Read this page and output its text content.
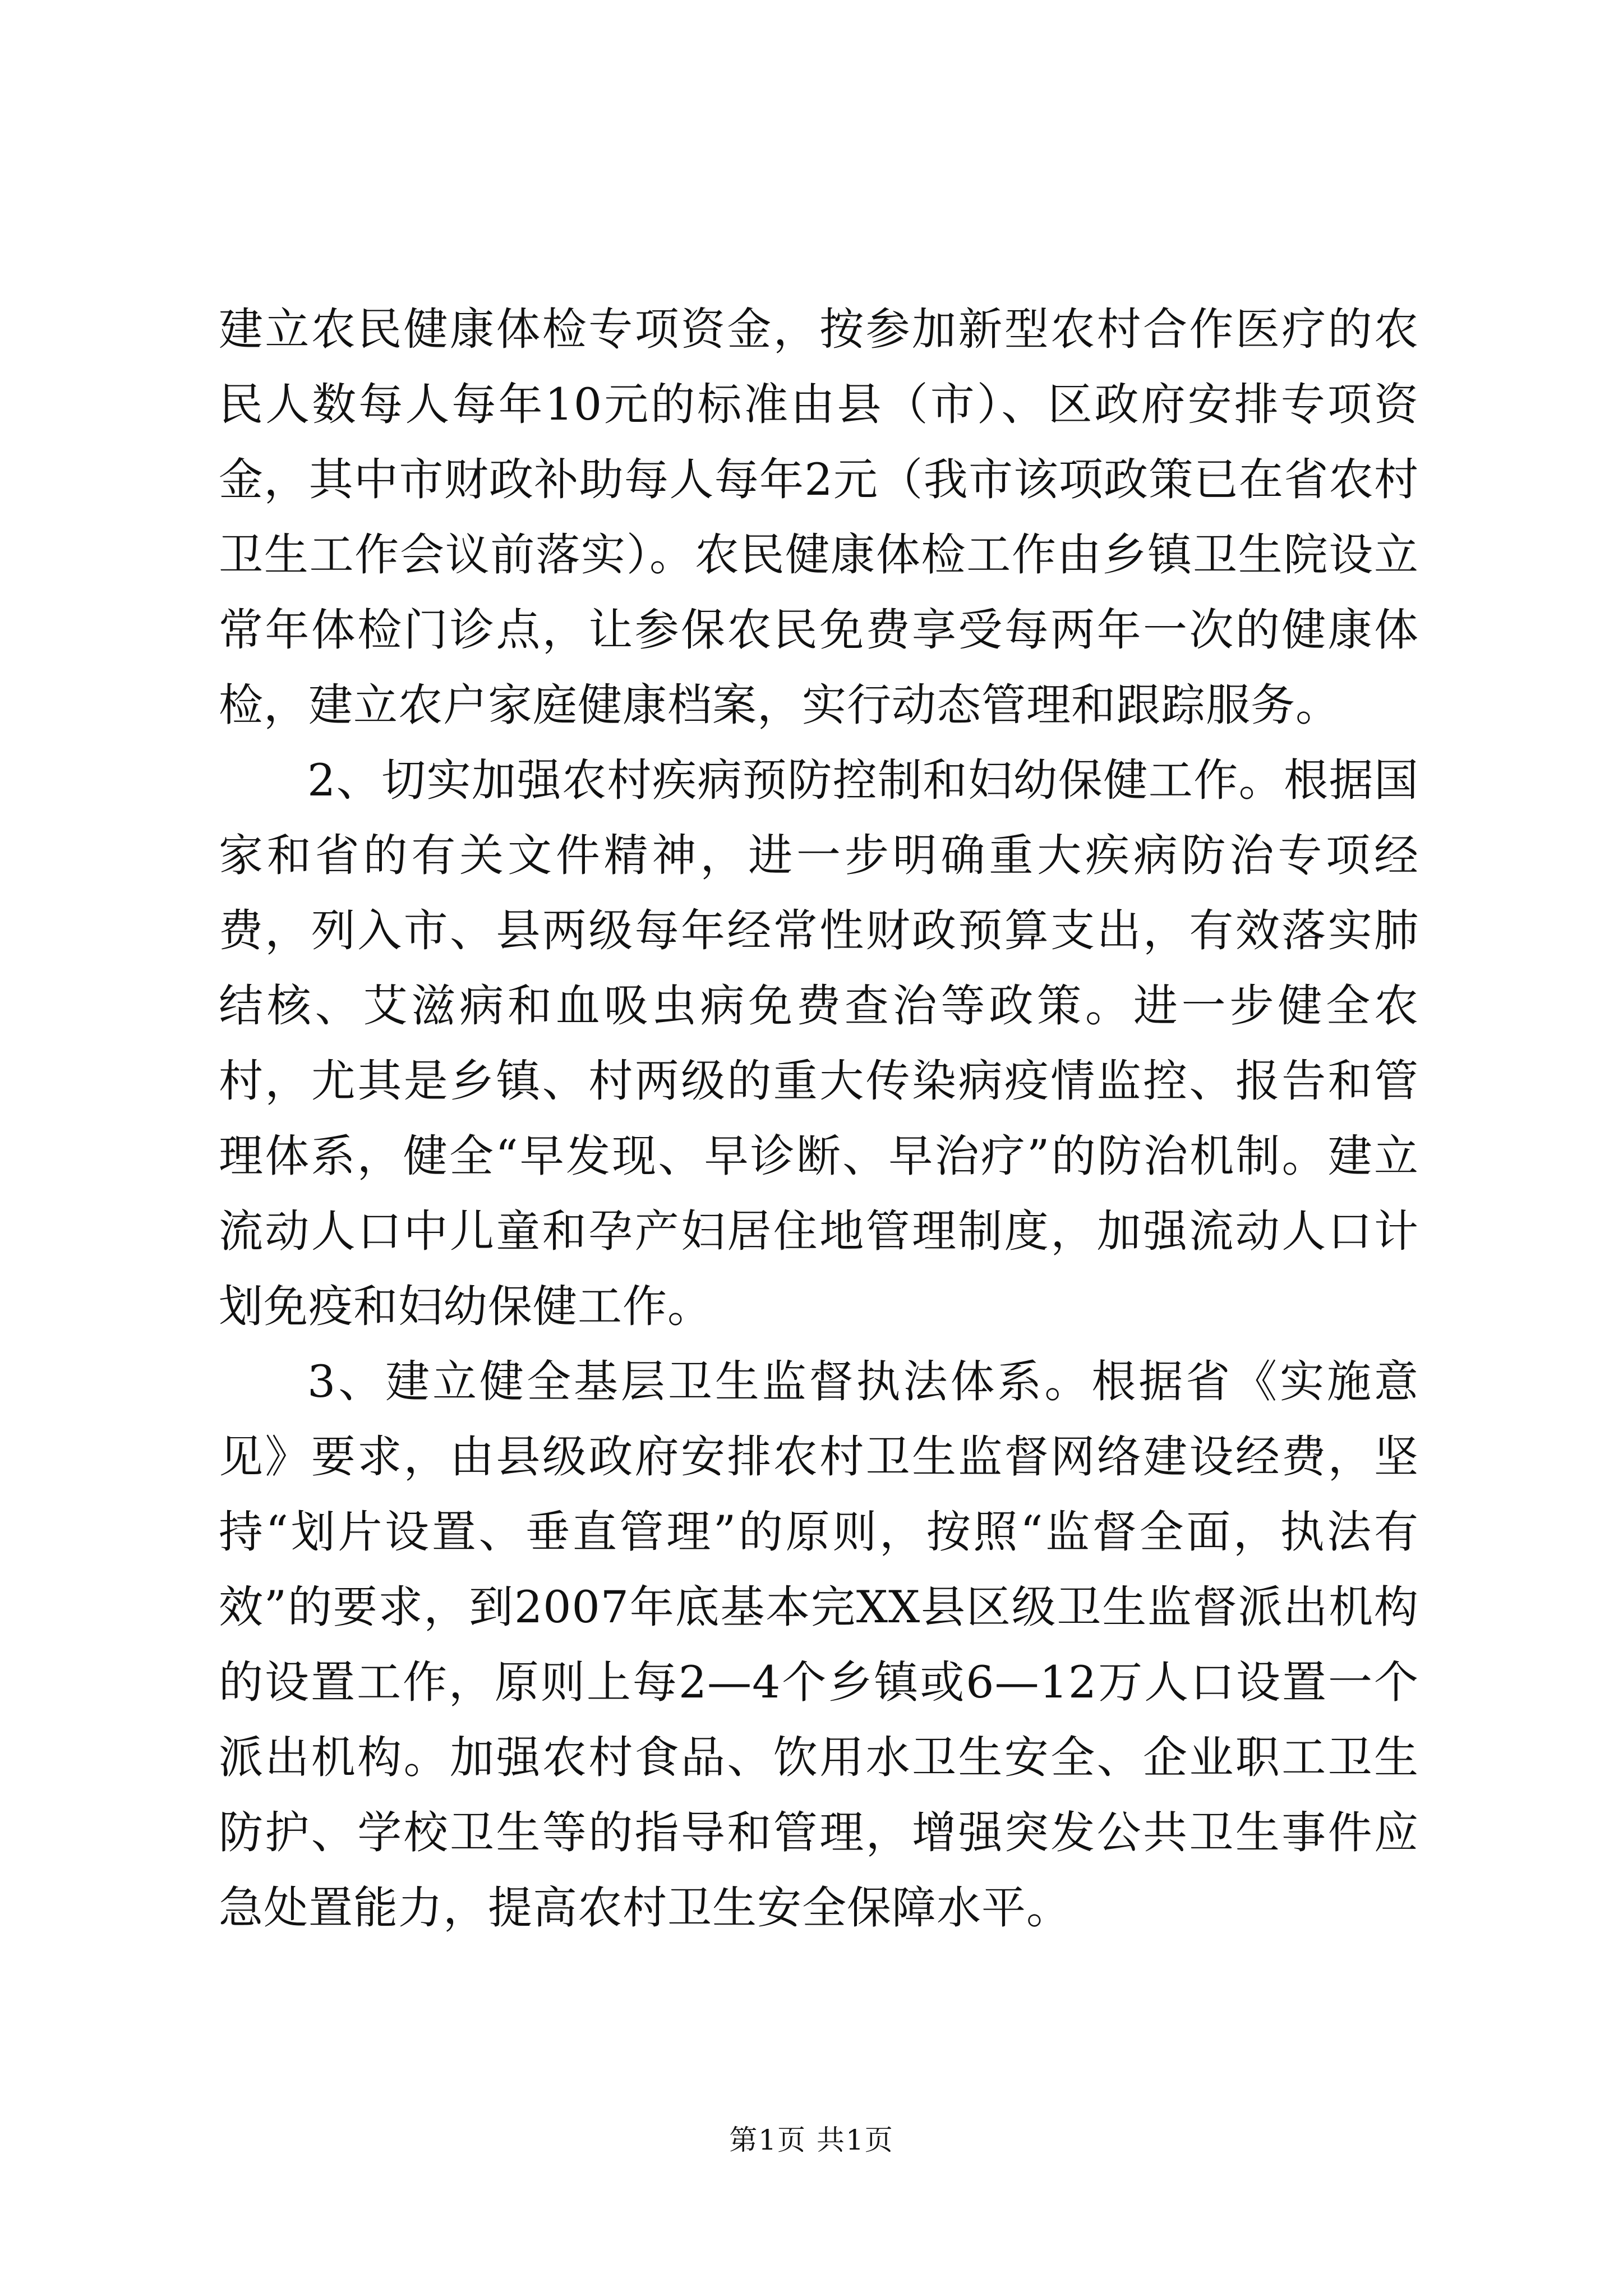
建立农民健康体检专项资金，按参加新型农村合作医疗的农民人数每人每年10元的标准由县（市）、区政府安排专项资金，其中市财政补助每人每年2元（我市该项政策已在省农村卫生工作会议前落实）。农民健康体检工作由乡镇卫生院设立常年体检门诊点，让参保农民免费享受每两年一次的健康体检，建立农户家庭健康档案，实行动态管理和跟踪服务。

2、切实加强农村疾病预防控制和妇幼保健工作。根据国家和省的有关文件精神，进一步明确重大疾病防治专项经费，列入市、县两级每年经常性财政预算支出，有效落实肺结核、艾滋病和血吸虫病免费查治等政策。进一步健全农村，尤其是乡镇、村两级的重大传染病疫情监控、报告和管理体系，健全“早发现、早诊断、早治疗”的防治机制。建立流动人口中儿童和孕产妇居住地管理制度，加强流动人口计划免疫和妇幼保健工作。

3、建立健全基层卫生监督执法体系。根据省《实施意见》要求，由县级政府安排农村卫生监督网络建设经费，坚持“划片设置、垂直管理”的原则，按照“监督全面，执法有效”的要求，到2007年底基本完XX县区级卫生监督派出机构的设置工作，原则上每2—4个乡镇或6—12万人口设置一个派出机构。加强农村食品、饮用水卫生安全、企业职工卫生防护、学校卫生等的指导和管理，增强突发公共卫生事件应急处置能力，提高农村卫生安全保障水平。

第1页 共1页
